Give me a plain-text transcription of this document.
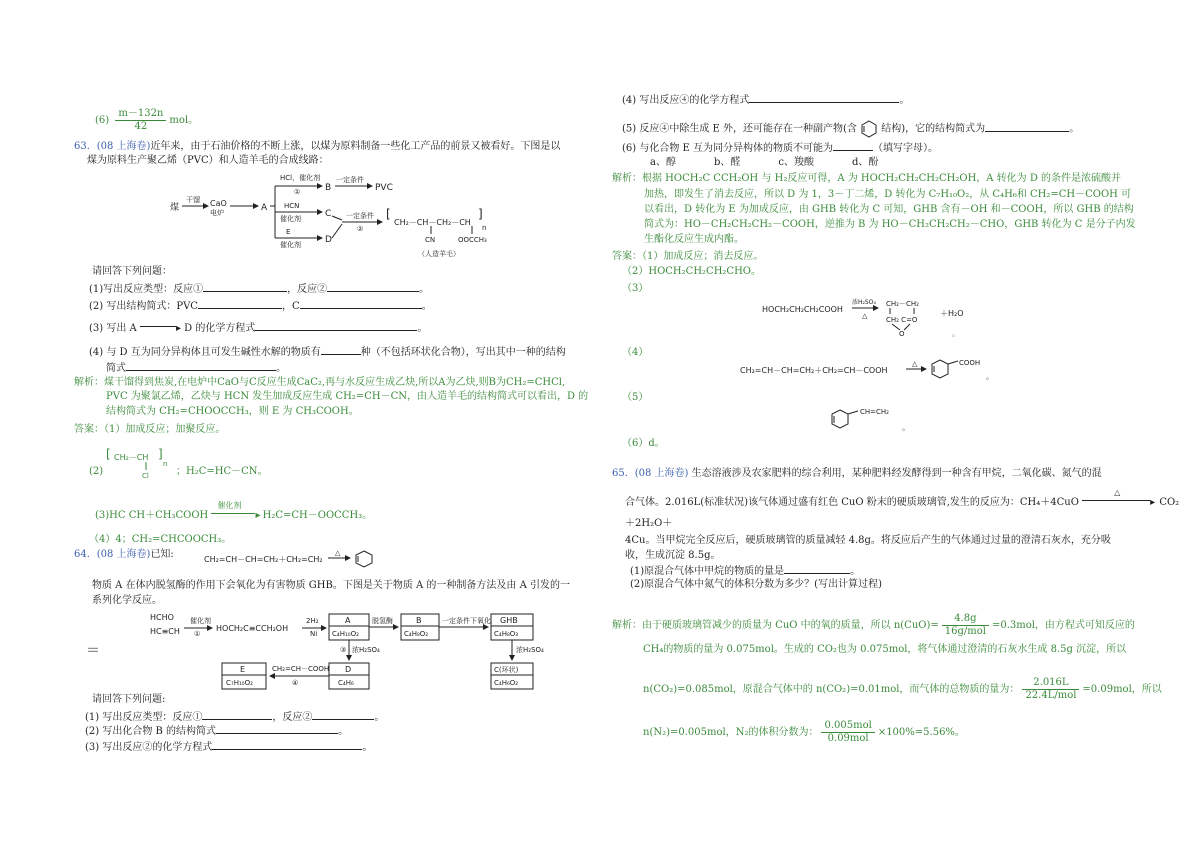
$(6) \frac{m-132n}{42}$ mol。
63．(08 上海卷)近年来，由于石油价格的不断上涨，以煤为原料制备一些化工产品的前景又被看好。下图是以
煤为原料生产聚乙烯（PVC）和人造羊毛的合成线路：
煤
干馏 CaO
电炉	A
HCl，催化剂
①	B
一定条件
PVC
HCN
催化剂	C
E
催化剂	D
一定条件
②
[
CH₂－CH－CH₂－CH
]
n
CN	OOCCH₃
（人造羊毛）
请回答下列问题：
(1)写出反应类型：反应①	，反应②	。
(2) 写出结构简式：PVC	，C	。
(3) 写出 A	▸ D 的化学方程式	。
(4) 与 D 互为同分异构体且可发生碱性水解的物质有	种（不包括环状化合物），写出其中一种的结构
简式	。
解析：煤干馏得到焦炭,在电炉中CaO与C反应生成CaC₂,再与水反应生成乙炔,所以A为乙炔,则B为CH₂=CHCl,
PVC 为聚氯乙烯，乙炔与 HCN 发生加成反应生成 CH₂=CH－CN，由人造羊毛的结构简式可以看出，D 的
结构简式为 CH₂=CHOOCCH₃，则 E 为 CH₃COOH。
答案：（1）加成反应；加聚反应。
(2)
[ CH₂－CH ]
n
Cl	；H₂C=HC－CN。
(3)HC CH＋CH₃COOH
催化剂
▸ H₂C=CH－OOCCH₃。
（4）4；CH₂=CHCOOCH₃。
64．(08 上海卷)已知:	CH₂=CH－CH=CH₂＋CH₂=CH₂
△
物质 A 在体内脱氢酶的作用下会氧化为有害物质 GHB。下图是关于物质 A 的一种制备方法及由 A 引发的一
系列化学反应。
HCHO
HC≡CH
催化剂
①
HOCH₂C≡CCH₂OH
2H₂
Ni
A
C₄H₁₀O₂
脱氢酶	B
C₄H₈O₂
一定条件下氧化 GHB
C₄H₈O₃
③ 浓H₂SO₄	浓H₂SO₄
C(环状)
C₄H₆O₂
D
C₄H₆
CH₂=CH－COOH
④
E
C₇H₁₀O₂
＝
请回答下列问题:
(1) 写出反应类型：反应①	，反应②	。
(2) 写出化合物 B 的结构简式	。
(3) 写出反应②的化学方程式	。
(4) 写出反应④的化学方程式	。
(5) 反应④中除生成 E 外，还可能存在一种副产物(含 结构)，它的结构简式为	。
(6) 与化合物 E 互为同分异构体的物质不可能为	（填写字母）。
a、醇	b、醛	c、羧酸	d、酚
解析：根据 HOCH₂C CCH₂OH 与 H₂反应可得，A 为 HOCH₂CH₂CH₂CH₂OH，A 转化为 D 的条件是浓硫酸并
加热，即发生了消去反应，所以 D 为 1，3－丁二烯，D 转化为 C₇H₁₀O₂，从 C₄H₆和 CH₂=CH－COOH 可
以看出，D 转化为 E 为加成反应，由 GHB 转化为 C 可知，GHB 含有－OH 和－COOH，所以 GHB 的结构
简式为：HO－CH₂CH₂CH₂－COOH，逆推为 B 为 HO－CH₂CH₂CH₂－CHO，GHB 转化为 C 是分子内发
生酯化反应生成内酯。
答案：（1）加成反应；消去反应。
（2）HOCH₂CH₂CH₂CHO。
（3）
HOCH₂CH₂CH₂COOH
浓H₂SO₄
△
CH₂－CH₂
CH₂ C=O
O
＋H₂O
。
（4）
CH₂=CH－CH=CH₂＋CH₂=CH－COOH
△	COOH
。
（5）
CH=CH₂
。
（6）d。
65．(08 上海卷) 生态溶液涉及农家肥料的综合利用，某种肥料经发酵得到一种含有甲烷，二氧化碳、氮气的混
合气体。2.016L(标准状况)该气体通过盛有红色 CuO 粉末的硬质玻璃管,发生的反应为：CH₄＋4CuO
△
▸ CO₂
＋2H₂O＋
4Cu。当甲烷完全反应后，硬质玻璃管的质量减轻 4.8g。将反应后产生的气体通过过量的澄清石灰水，充分吸
收，生成沉淀 8.5g。
(1)原混合气体中甲烷的物质的量是	。
(2)原混合气体中氮气的体积分数为多少？(写出计算过程)
解析：由于硬质玻璃管减少的质量为 CuO 中的氧的质量，所以 $n(CuO)= \frac{4.8g}{\text{16g/mol}} =0.3mol$，由方程式可知反应的
CH₄的物质的量为 0.075mol。生成的 CO₂也为 0.075mol，将气体通过澄清的石灰水生成 8.5g 沉淀，所以
n(CO₂)=0.085mol，原混合气体中的 n(CO₂)=0.01mol，而气体的总物质的量为： $\frac{2.016L}{\text{22.4L/mol}} =0.09mol$，所以
n(N₂)=0.005mol，N₂的体积分数为： $\frac{\text{0.005mol}}{\text{0.09mol}} \times 100\%=5.56\%$。
